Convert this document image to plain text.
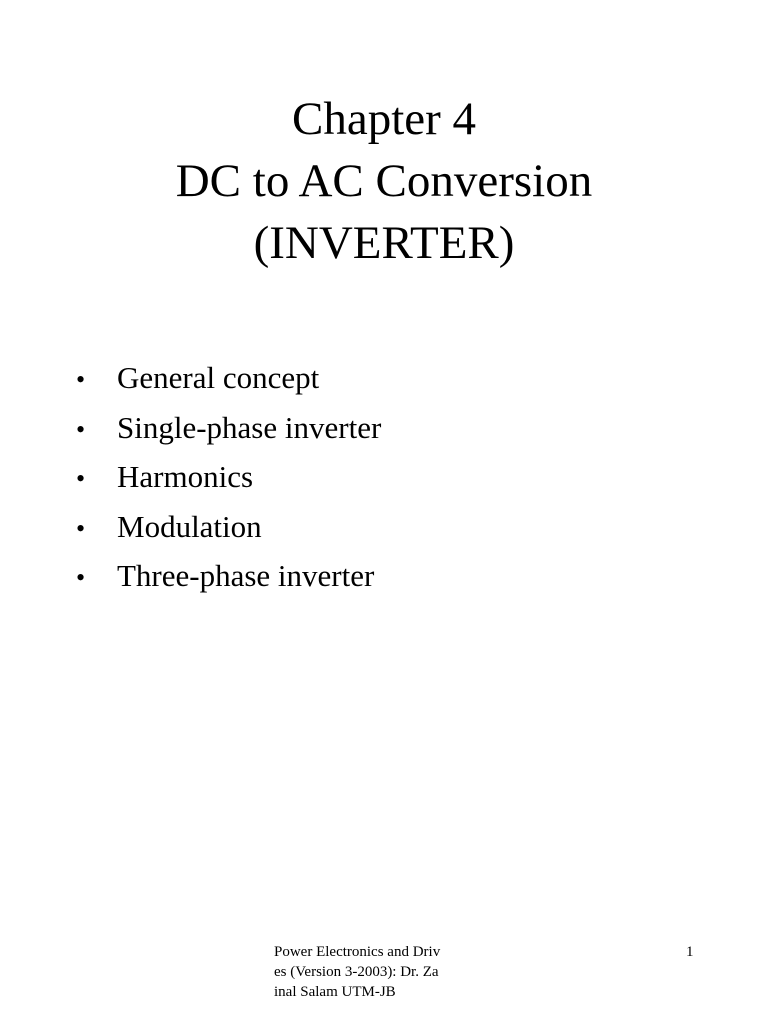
Chapter 4
DC to AC Conversion
(INVERTER)
•	General concept
•	Single-phase inverter
•	Harmonics
•	Modulation
•	Three-phase inverter
Power Electronics and Driv
es (Version 3-2003): Dr. Za
inal Salam UTM-JB
1
